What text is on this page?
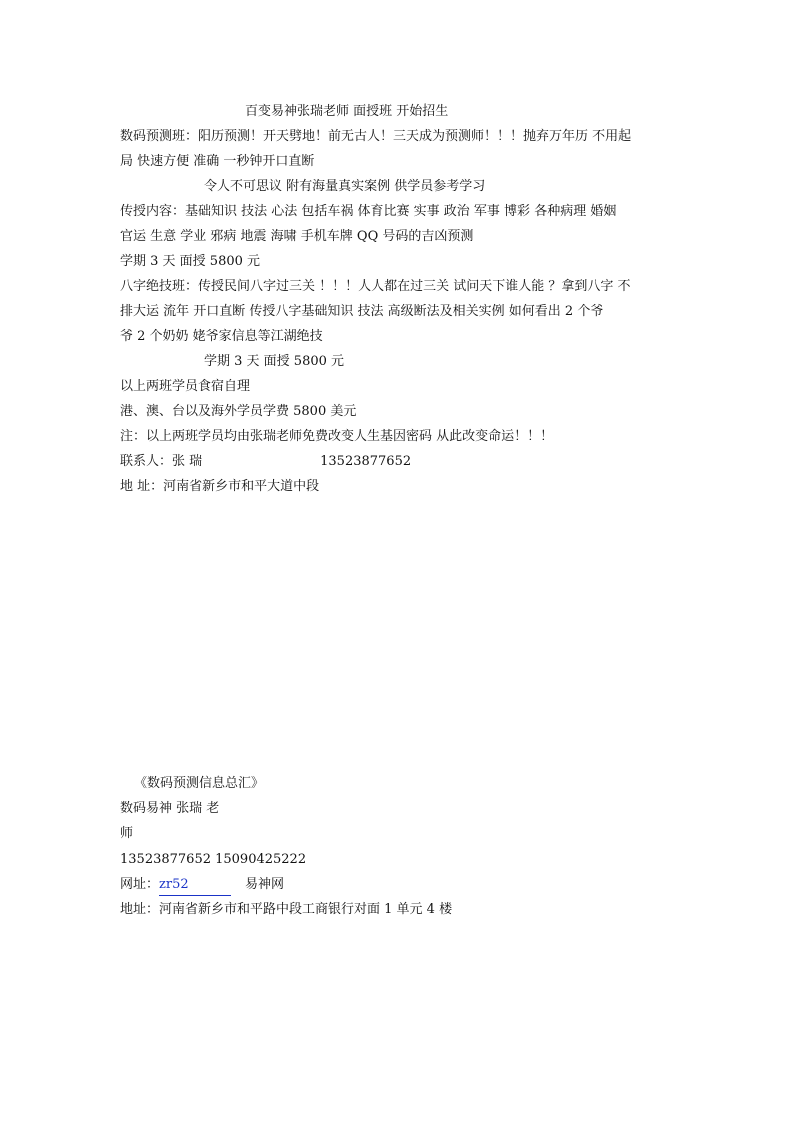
百变易神张瑞老师 面授班 开始招生
数码预测班：阳历预测！开天劈地！前无古人！三天成为预测师！！！抛弃万年历 不用起
局 快速方便 准确 一秒钟开口直断
令人不可思议 附有海量真实案例 供学员参考学习
传授内容：基础知识 技法 心法 包括车祸 体育比赛 实事 政治 军事 博彩 各种病理 婚姻
官运 生意 学业 邪病 地震 海啸 手机车牌 QQ 号码的吉凶预测
学期 3 天 面授 5800 元
八字绝技班：传授民间八字过三关 ！！！人人都在过三关 试问天下谁人能 ？拿到八字 不
排大运 流年 开口直断 传授八字基础知识 技法 高级断法及相关实例 如何看出 2 个爷
爷 2 个奶奶 姥爷家信息等江湖绝技
学期 3 天 面授 5800 元
以上两班学员食宿自理
港、澳、台以及海外学员学费 5800 美元
注：以上两班学员均由张瑞老师免费改变人生基因密码 从此改变命运！！！
联系人：张 瑞	13523877652
地 址：河南省新乡市和平大道中段
《数码预测信息总汇》
数码易神 张瑞 老
师
13523877652 15090425222
网址：zr52	易神网
地址：河南省新乡市和平路中段工商银行对面 1 单元 4 楼
